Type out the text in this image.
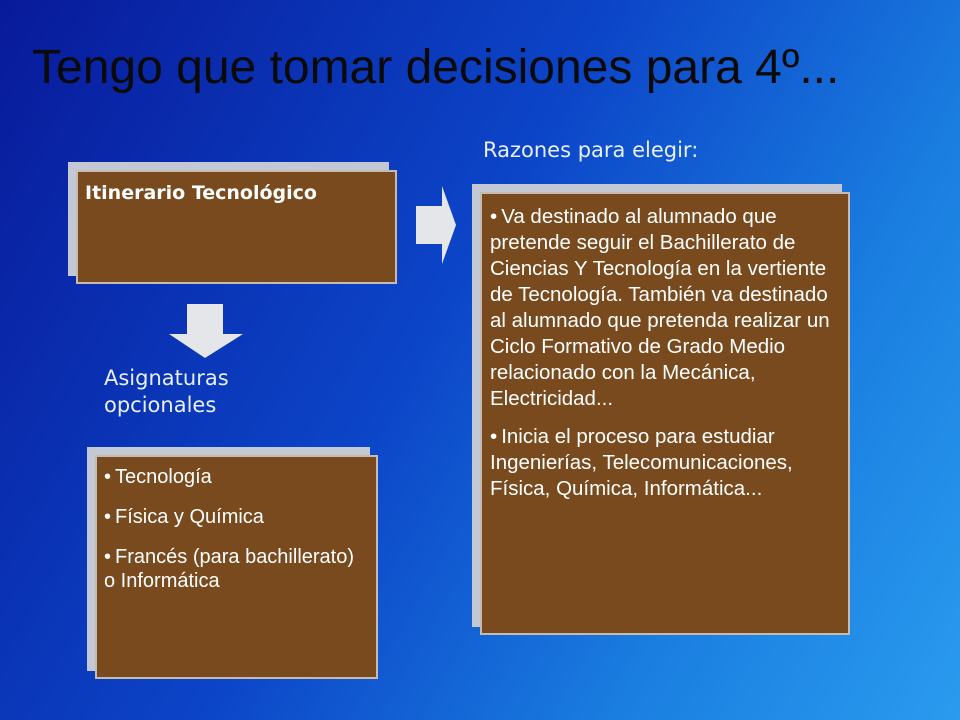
Tengo que tomar decisiones para 4º...
Itinerario Tecnológico
Razones para elegir:
• Va destinado al alumnado que pretende seguir el Bachillerato de Ciencias Y Tecnología en la vertiente de Tecnología. También va destinado al alumnado que pretenda realizar un Ciclo Formativo de Grado Medio relacionado con la Mecánica, Electricidad...
• Inicia el proceso para estudiar Ingenierías, Telecomunicaciones, Física, Química, Informática...
Asignaturas opcionales
• Tecnología
• Física y Química
• Francés (para bachillerato) o Informática
